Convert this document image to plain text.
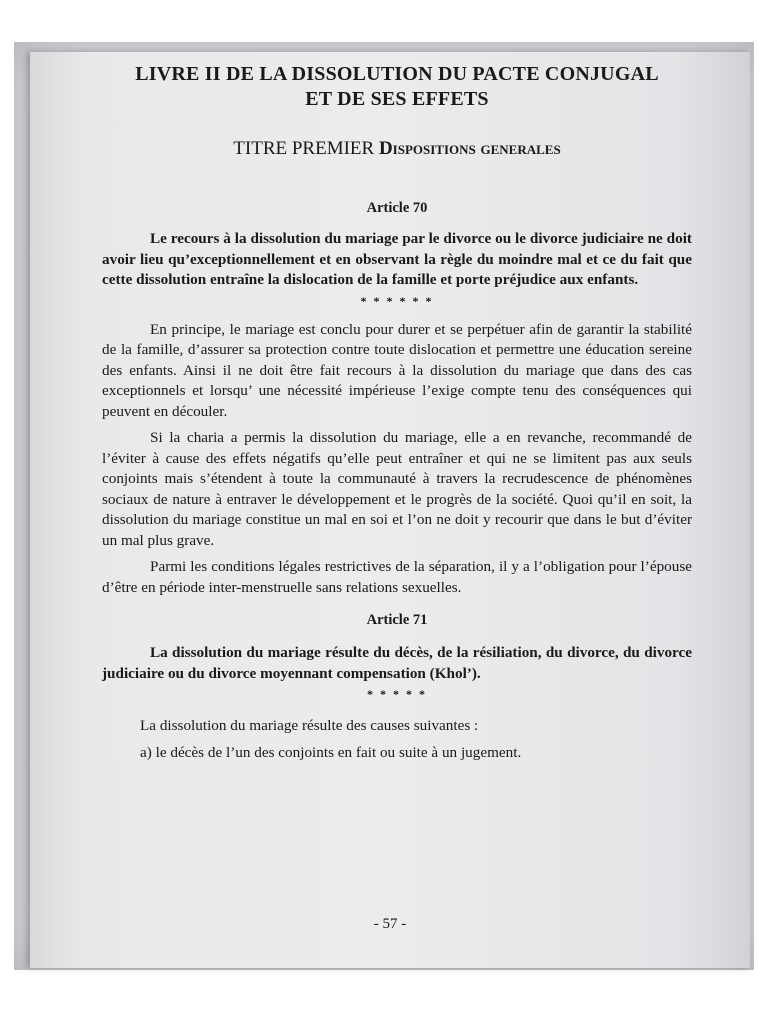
LIVRE II DE LA DISSOLUTION DU PACTE CONJUGAL
ET DE SES EFFETS
TITRE PREMIER Dispositions generales
Article 70

Le recours à la dissolution du mariage par le divorce ou le divorce judiciaire ne doit avoir lieu qu’exceptionnellement et en observant la règle du moindre mal et ce du fait que cette dissolution entraîne la dislocation de la famille et porte préjudice aux enfants.

* * * * * *

En principe, le mariage est conclu pour durer et se perpétuer afin de garantir la stabilité de la famille, d’assurer sa protection contre toute dislocation et permettre une éducation sereine des enfants. Ainsi il ne doit être fait recours à la dissolution du mariage que dans des cas exceptionnels et lorsqu’ une nécessité impérieuse l’exige compte tenu des conséquences qui peuvent en découler.

Si la charia a permis la dissolution du mariage, elle a en revanche, recommandé de l’éviter à cause des effets négatifs qu’elle peut entraîner et qui ne se limitent pas aux seuls conjoints mais s’étendent à toute la communauté à travers la recrudescence de phénomènes sociaux de nature à entraver le développement et le progrès de la société. Quoi qu’il en soit, la dissolution du mariage constitue un mal en soi et l’on ne doit y recourir que dans le but d’éviter un mal plus grave.

Parmi les conditions légales restrictives de la séparation, il y a l’obligation pour l’épouse d’être en période inter-menstruelle sans relations sexuelles.

Article 71

La dissolution du mariage résulte du décès, de la résiliation, du divorce, du divorce judiciaire ou du divorce moyennant compensation (Khol’).

* * * * *

La dissolution du mariage résulte des causes suivantes :

a) le décès de l’un des conjoints en fait ou suite à un jugement.

- 57 -
